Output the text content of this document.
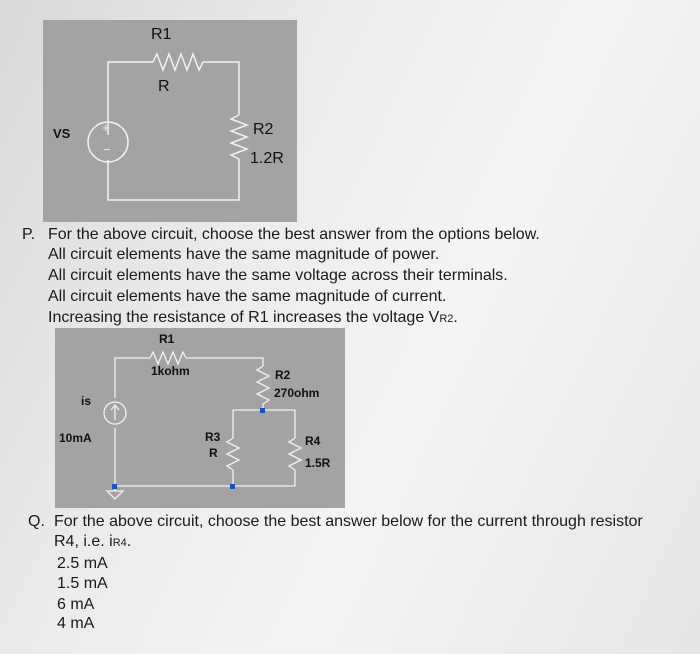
R1
R
VS +
−
R2
1.2R
P. For the above circuit, choose the best answer from the options below.
All circuit elements have the same magnitude of power.
All circuit elements have the same voltage across their terminals.
All circuit elements have the same magnitude of current.
Increasing the resistance of R1 increases the voltage VR2.
R1
1kohm	R2
270ohm
is
10mA	R3
R
R4
1.5R
Q. For the above circuit, choose the best answer below for the current through resistor
R4, i.e. iR4.
2.5 mA
1.5 mA
6 mA
4 mA
